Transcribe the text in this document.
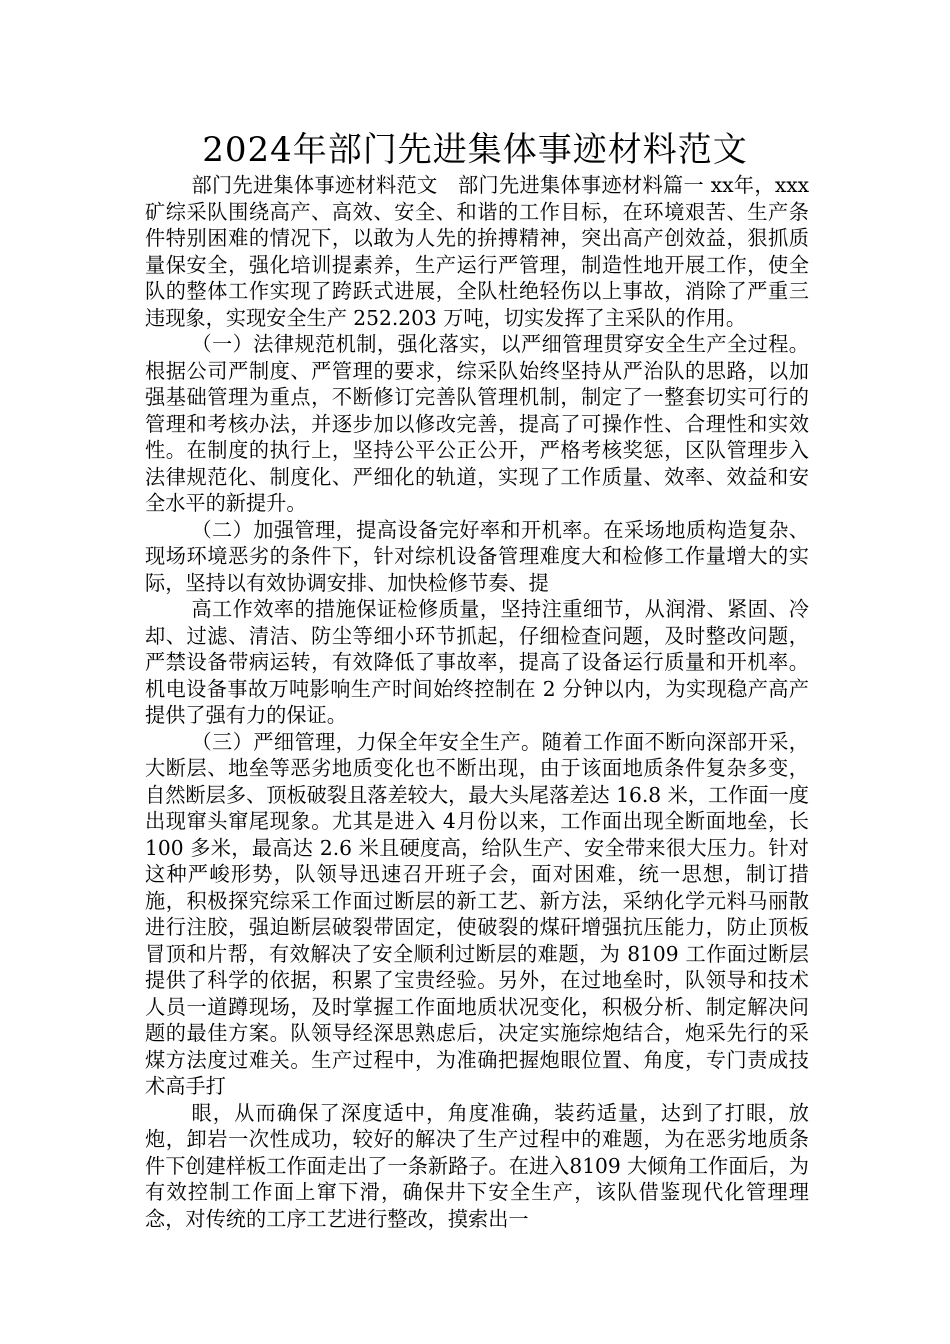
2024年部门先进集体事迹材料范文

部门先进集体事迹材料范文　部门先进集体事迹材料篇一 xx年，xxx 矿综采队围绕高产、高效、安全、和谐的工作目标，在环境艰苦、生产条件特别困难的情况下，以敢为人先的拚搏精神，突出高产创效益，狠抓质量保安全，强化培训提素养，生产运行严管理，制造性地开展工作，使全队的整体工作实现了跨跃式进展，全队杜绝轻伤以上事故，消除了严重三违现象，实现安全生产 252.203 万吨，切实发挥了主采队的作用。

（一）法律规范机制，强化落实，以严细管理贯穿安全生产全过程。根据公司严制度、严管理的要求，综采队始终坚持从严治队的思路，以加强基础管理为重点，不断修订完善队管理机制，制定了一整套切实可行的管理和考核办法，并逐步加以修改完善，提高了可操作性、合理性和实效性。在制度的执行上，坚持公平公正公开，严格考核奖惩，区队管理步入法律规范化、制度化、严细化的轨道，实现了工作质量、效率、效益和安全水平的新提升。

（二）加强管理，提高设备完好率和开机率。在采场地质构造复杂、现场环境恶劣的条件下，针对综机设备管理难度大和检修工作量增大的实际，坚持以有效协调安排、加快检修节奏、提

高工作效率的措施保证检修质量，坚持注重细节，从润滑、紧固、冷却、过滤、清洁、防尘等细小环节抓起，仔细检查问题，及时整改问题，严禁设备带病运转，有效降低了事故率，提高了设备运行质量和开机率。机电设备事故万吨影响生产时间始终控制在 2 分钟以内，为实现稳产高产提供了强有力的保证。

（三）严细管理，力保全年安全生产。随着工作面不断向深部开采，大断层、地垒等恶劣地质变化也不断出现，由于该面地质条件复杂多变，自然断层多、顶板破裂且落差较大，最大头尾落差达 16.8 米，工作面一度出现窜头窜尾现象。尤其是进入 4月份以来，工作面出现全断面地垒，长 100 多米，最高达 2.6 米且硬度高，给队生产、安全带来很大压力。针对这种严峻形势，队领导迅速召开班子会，面对困难，统一思想，制订措施，积极探究综采工作面过断层的新工艺、新方法，采纳化学元料马丽散进行注胶，强迫断层破裂带固定，使破裂的煤矸增强抗压能力，防止顶板冒顶和片帮，有效解决了安全顺利过断层的难题，为 8109 工作面过断层提供了科学的依据，积累了宝贵经验。另外，在过地垒时，队领导和技术人员一道蹲现场，及时掌握工作面地质状况变化，积极分析、制定解决问题的最佳方案。队领导经深思熟虑后，决定实施综炮结合，炮采先行的采煤方法度过难关。生产过程中，为准确把握炮眼位置、角度，专门责成技术高手打

眼，从而确保了深度适中，角度准确，装药适量，达到了打眼，放炮，卸岩一次性成功，较好的解决了生产过程中的难题，为在恶劣地质条件下创建样板工作面走出了一条新路子。在进入8109 大倾角工作面后，为有效控制工作面上窜下滑，确保井下安全生产，该队借鉴现代化管理理念，对传统的工序工艺进行整改，摸索出一
